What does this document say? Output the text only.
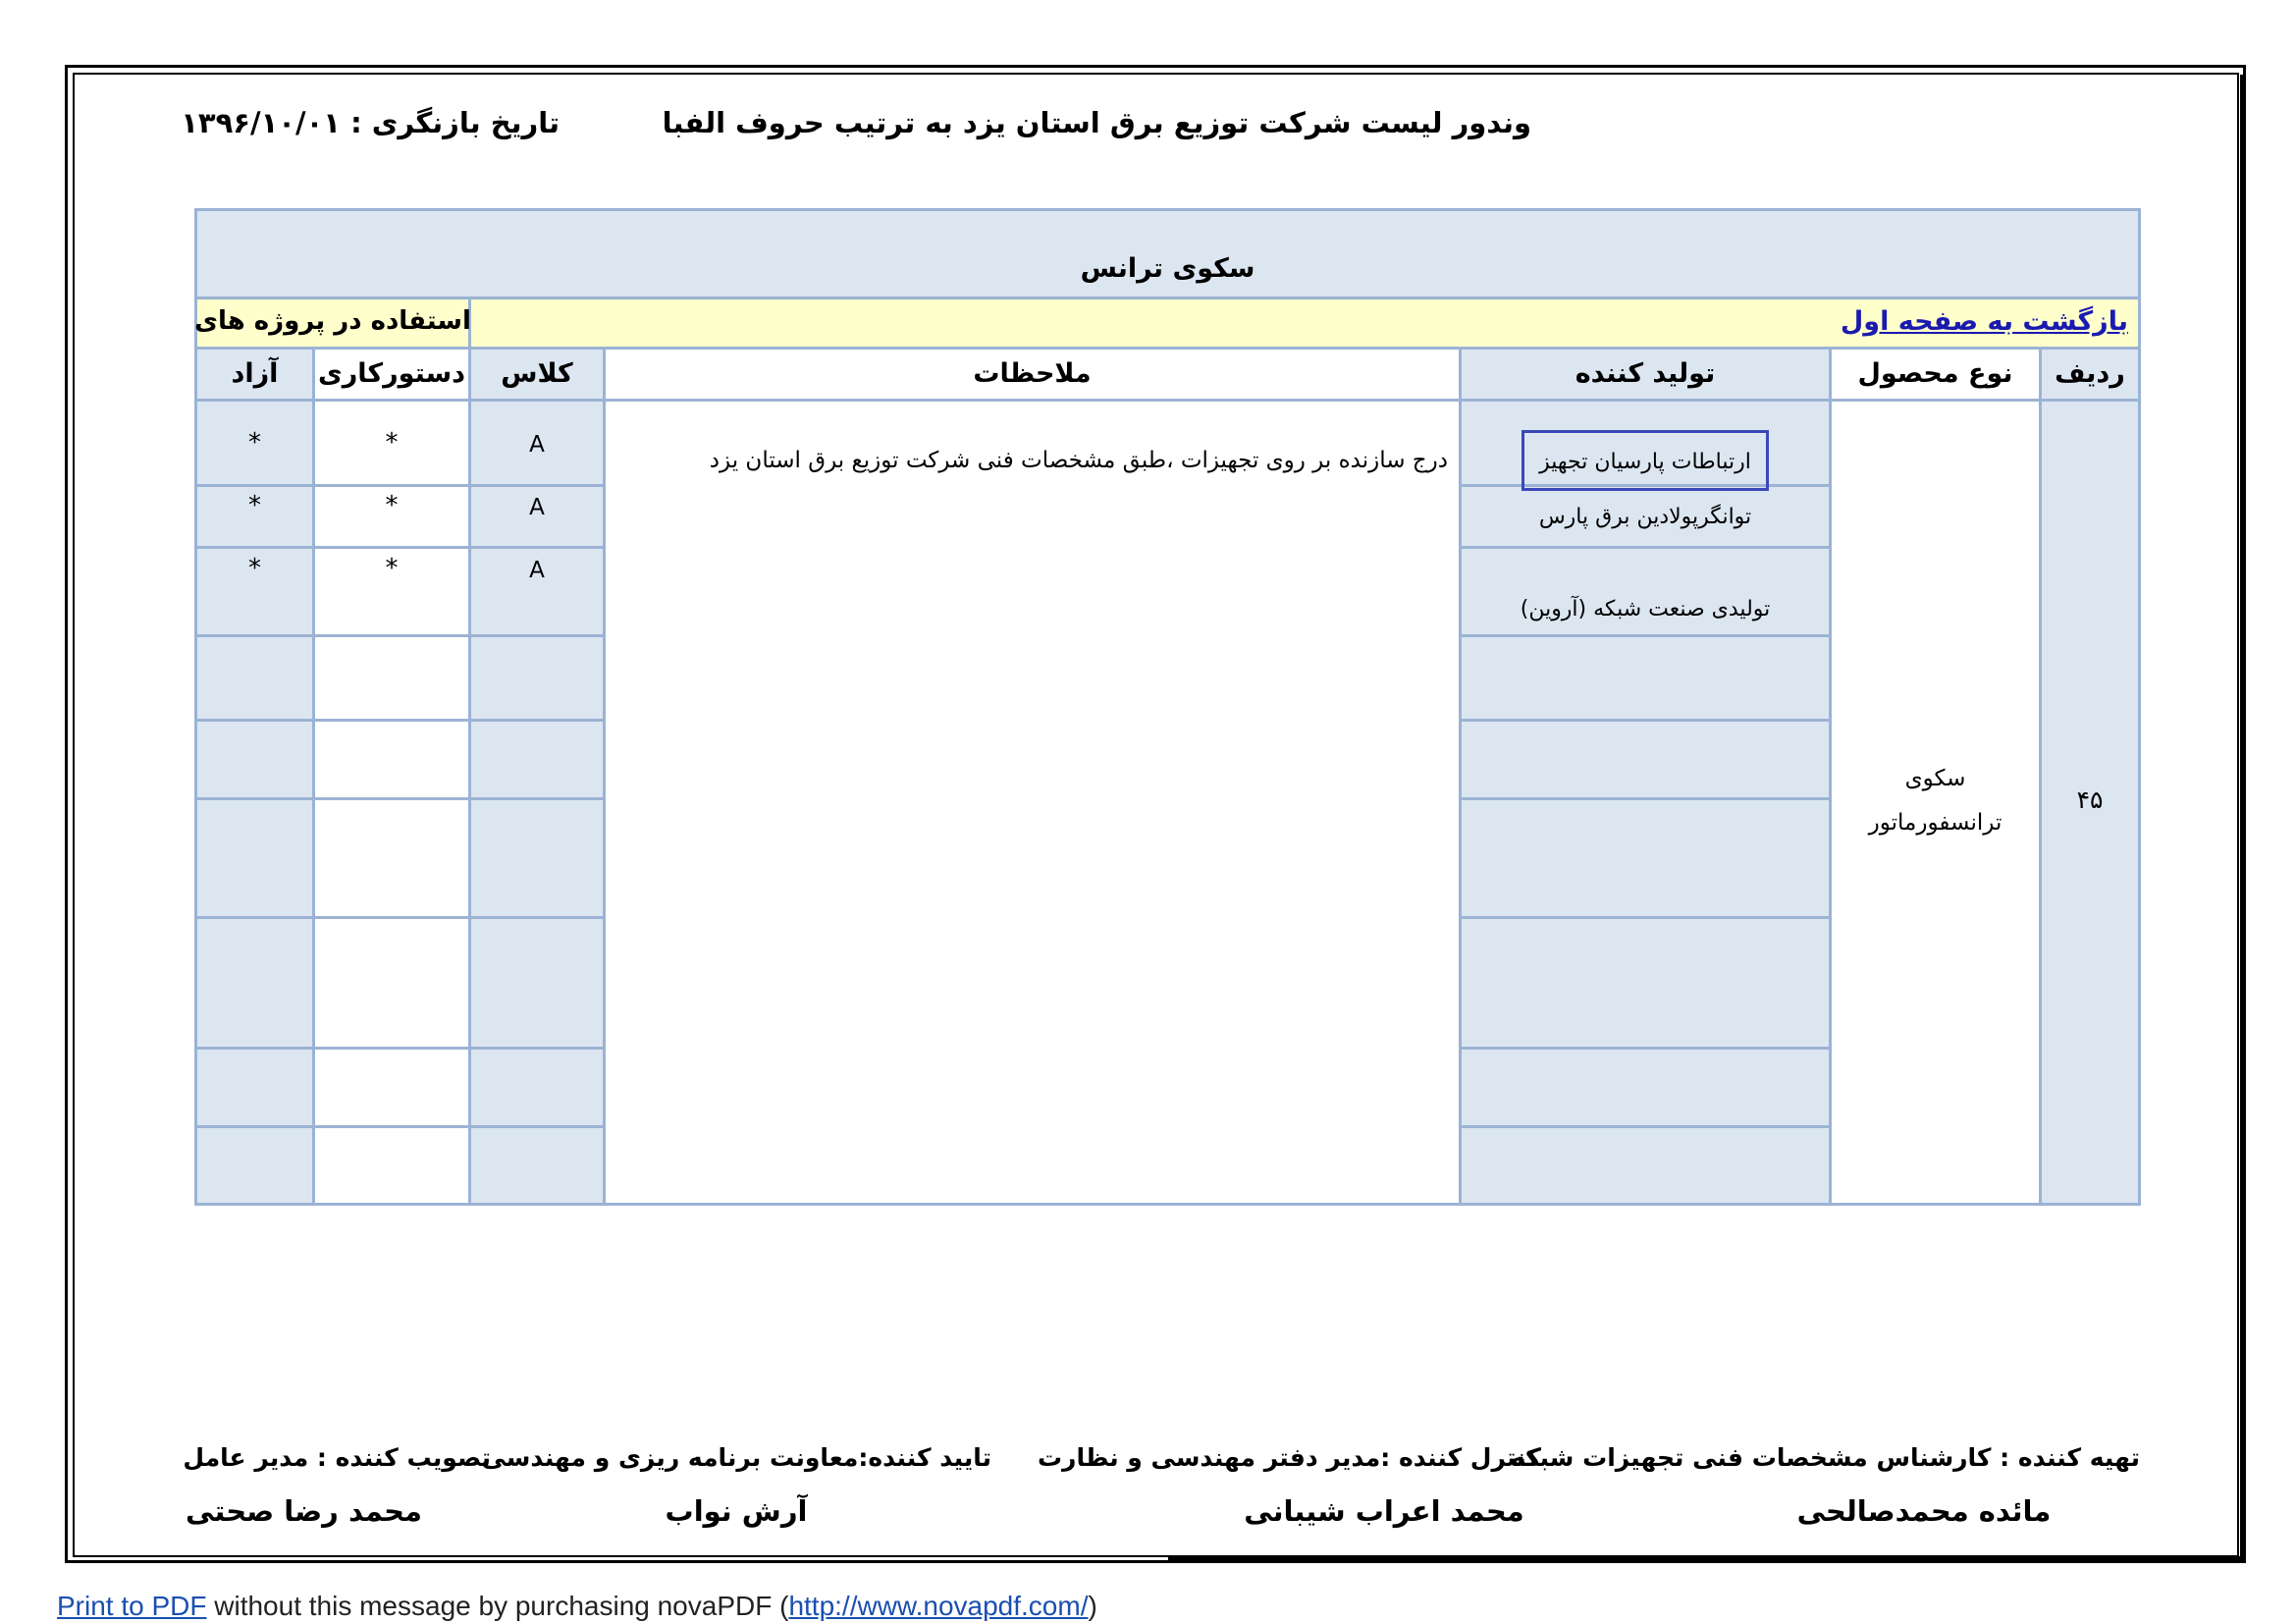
وندور لیست شرکت توزیع برق استان یزد به ترتیب حروف الفبا
تاریخ بازنگری : ۱۳۹۶/۱۰/۰۱
سکوی ترانس
بازگشت به صفحه اول
استفاده در پروژه های
ردیف
نوع محصول
تولید کننده
ملاحظات
کلاس
دستورکاری
آزاد
۴۵
سکوی
ترانسفورماتور
درج سازنده بر روی تجهیزات ،طبق مشخصات فنی شرکت توزیع برق استان یزد	ارتباطات پارسیان تجهیز
A
*
*
توانگرپولادین برق پارس
A
*
*
تولیدی صنعت شبکه (آروین)
A
*
*
تهیه کننده : کارشناس مشخصات فنی تجهیزات شبکه
مائده محمدصالحی
کنترل کننده :مدیر دفتر مهندسی و نظارت
محمد اعراب شیبانی
تایید کننده:معاونت برنامه ریزی و مهندسی
آرش نواب
تصویب کننده : مدیر عامل
محمد رضا صحتی
Print to PDF without this message by purchasing novaPDF (http://www.novapdf.com/)
